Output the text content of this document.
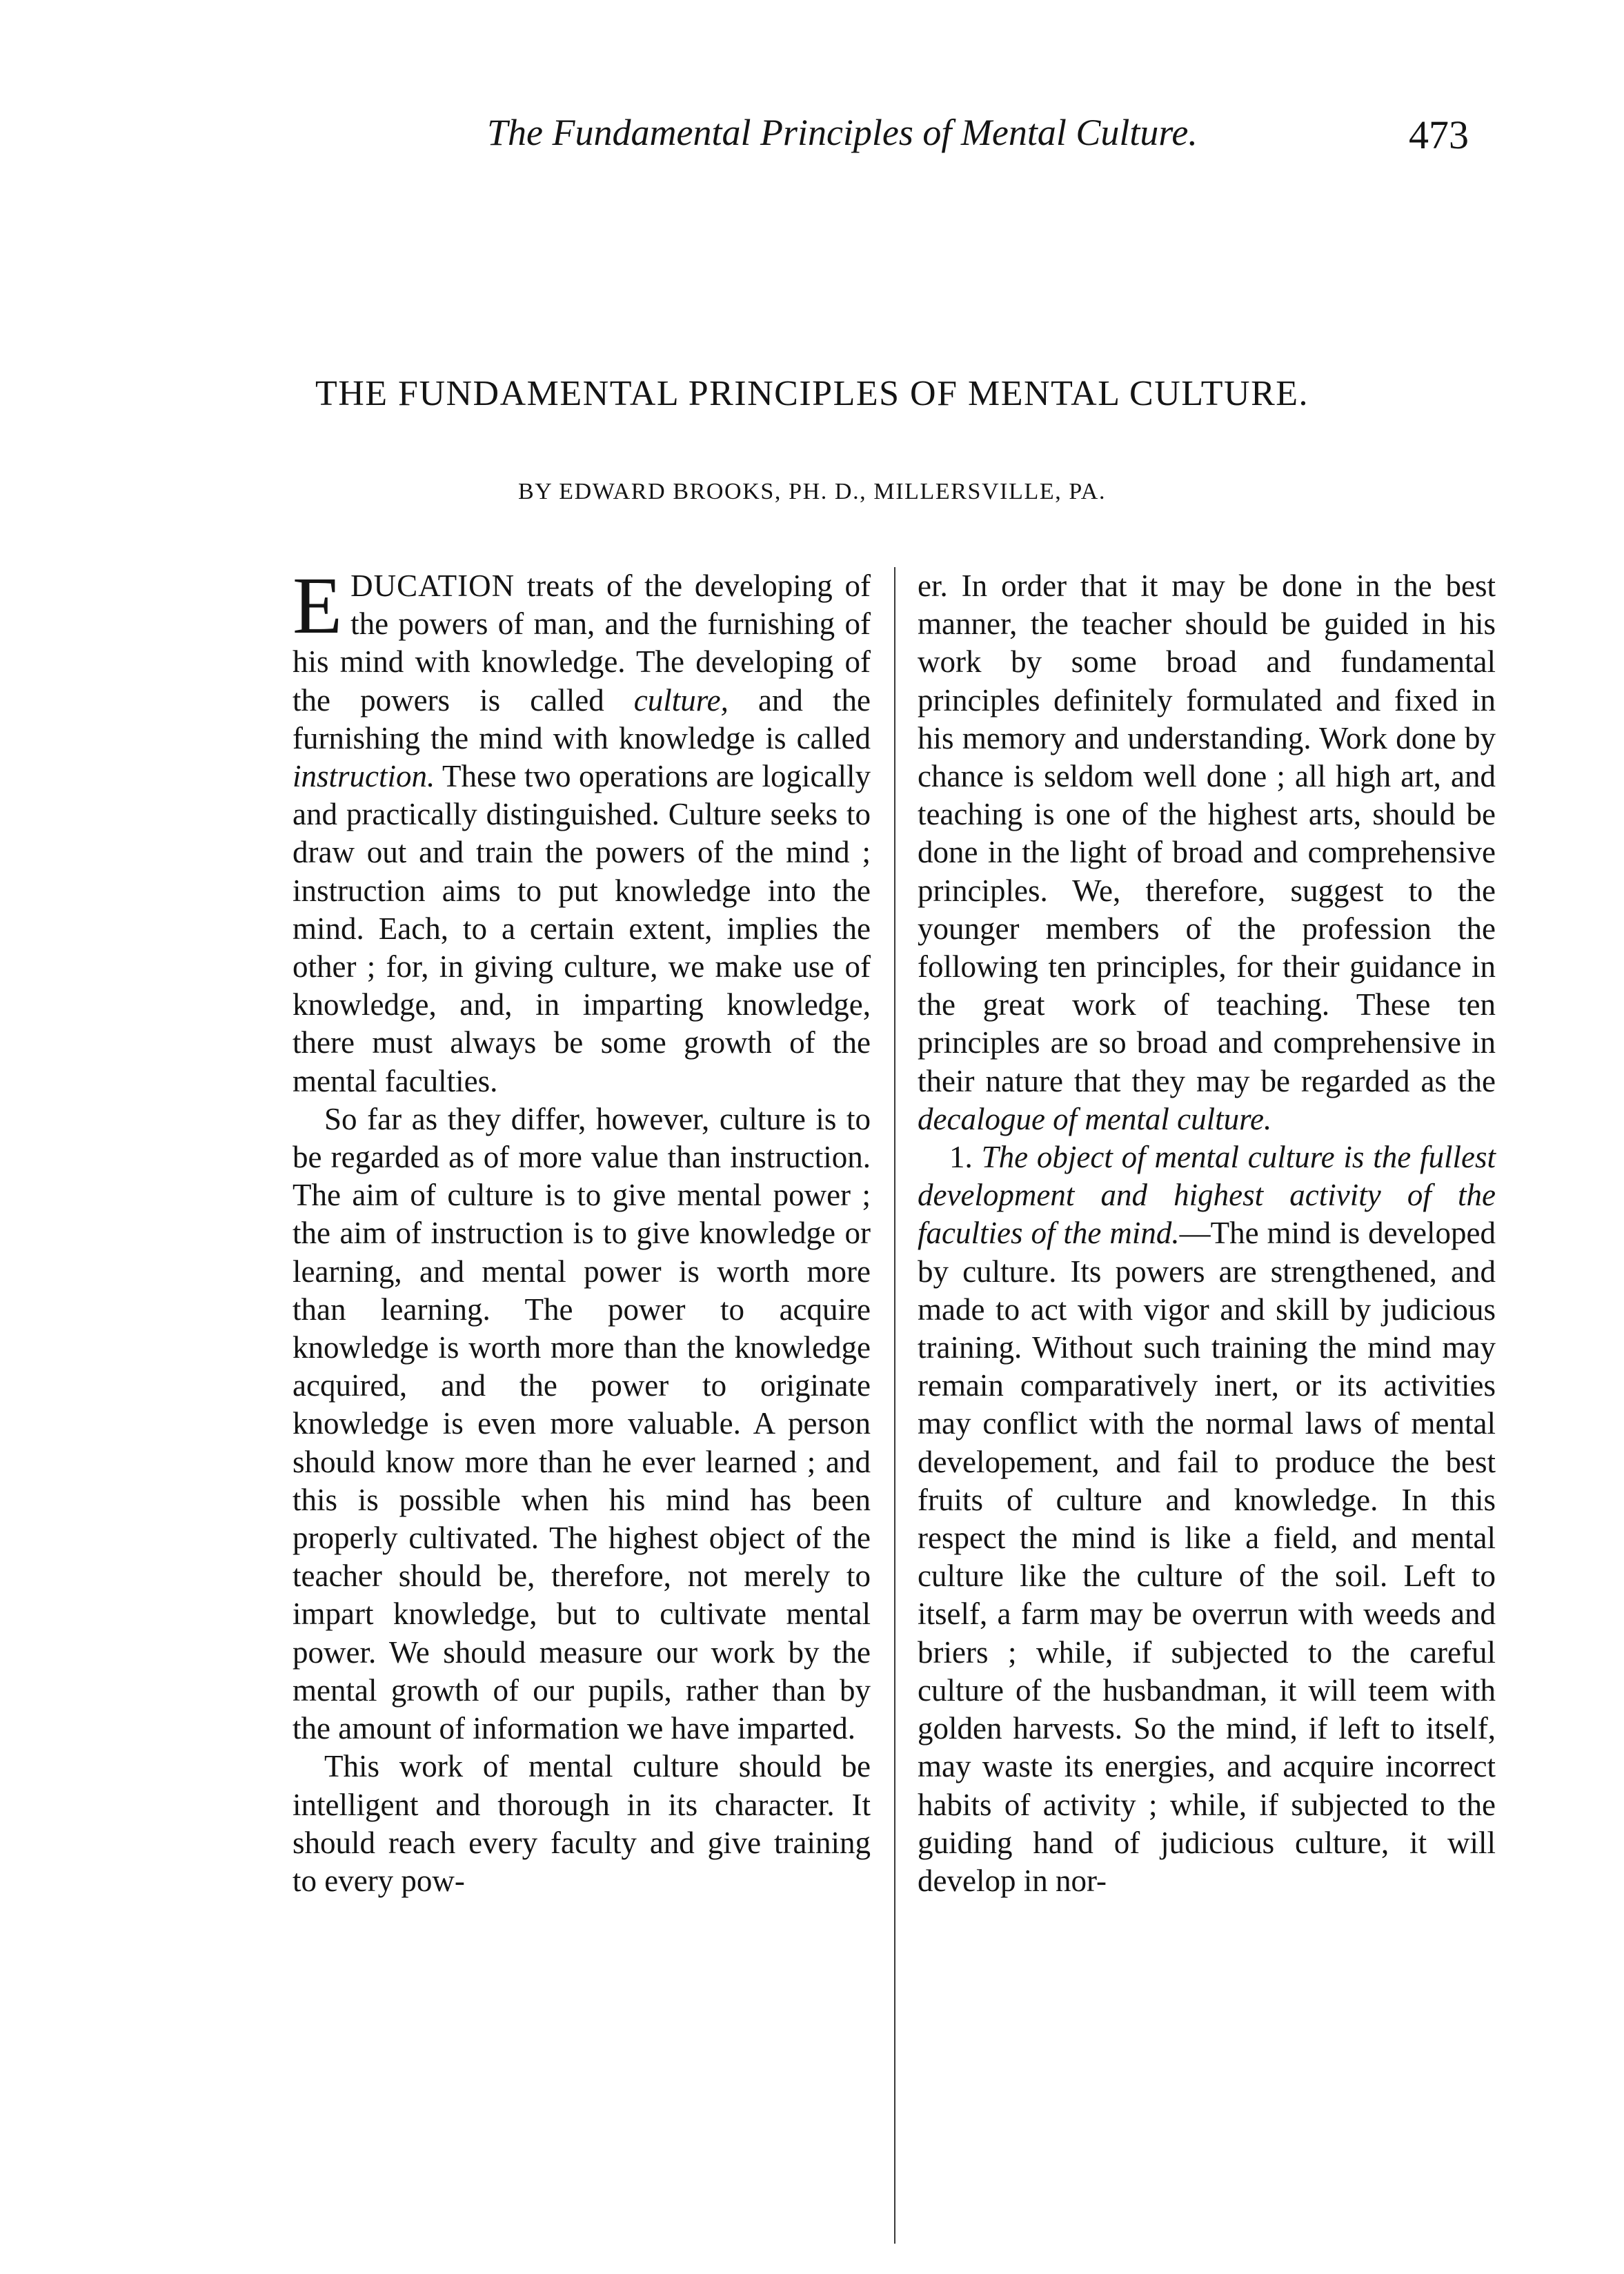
The Fundamental Principles of Mental Culture.	473
THE FUNDAMENTAL PRINCIPLES OF MENTAL CULTURE.
BY EDWARD BROOKS, PH. D., MILLERSVILLE, PA.

EDUCATION treats of the developing of the powers of man, and the furnishing of his mind with knowledge. The developing of the powers is called culture, and the furnishing the mind with knowledge is called instruction. These two operations are logically and practically distinguished. Culture seeks to draw out and train the powers of the mind ; instruction aims to put knowledge into the mind. Each, to a certain extent, implies the other ; for, in giving culture, we make use of knowledge, and, in imparting knowledge, there must always be some growth of the mental faculties.

So far as they differ, however, culture is to be regarded as of more value than instruction. The aim of culture is to give mental power ; the aim of instruction is to give knowledge or learning, and mental power is worth more than learning. The power to acquire knowledge is worth more than the knowledge acquired, and the power to originate knowledge is even more valuable. A person should know more than he ever learned ; and this is possible when his mind has been properly cultivated. The highest object of the teacher should be, therefore, not merely to impart knowledge, but to cultivate mental power. We should measure our work by the mental growth of our pupils, rather than by the amount of information we have imparted.

This work of mental culture should be intelligent and thorough in its character. It should reach every faculty and give training to every pow-

er. In order that it may be done in the best manner, the teacher should be guided in his work by some broad and fundamental principles definitely formulated and fixed in his memory and understanding. Work done by chance is seldom well done ; all high art, and teaching is one of the highest arts, should be done in the light of broad and comprehensive principles. We, therefore, suggest to the younger members of the profession the following ten principles, for their guidance in the great work of teaching. These ten principles are so broad and comprehensive in their nature that they may be regarded as the decalogue of mental culture.

1. The object of mental culture is the fullest development and highest activity of the faculties of the mind.—The mind is developed by culture. Its powers are strengthened, and made to act with vigor and skill by judicious training. Without such training the mind may remain comparatively inert, or its activities may conflict with the normal laws of mental developement, and fail to produce the best fruits of culture and knowledge. In this respect the mind is like a field, and mental culture like the culture of the soil. Left to itself, a farm may be overrun with weeds and briers ; while, if subjected to the careful culture of the husbandman, it will teem with golden harvests. So the mind, if left to itself, may waste its energies, and acquire incorrect habits of activity ; while, if subjected to the guiding hand of judicious culture, it will develop in nor-
